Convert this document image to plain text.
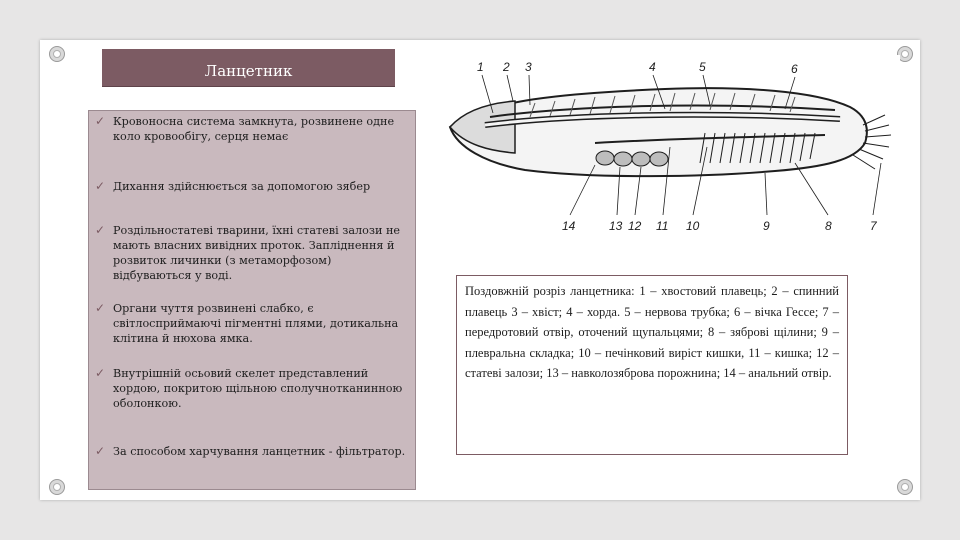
Ланцетник
✓ Кровоносна система замкнута, розвинене одне коло кровообігу, серця немає
✓ Дихання здійснюється за допомогою зябер
✓ Роздільностатеві тварини, їхні статеві залози не мають власних вивідних проток. Запліднення й розвиток личинки (з метаморфозом) відбуваються у воді.
✓ Органи чуття розвинені слабко, є світлосприймаючі пігментні плями, дотикальна клітина й нюхова ямка.
✓ Внутрішній осьовий скелет представлений хордою, покритою щільною сполучнотканинною оболонкою.
✓ За способом харчування ланцетник - фільтратор.
1 2 3	4	5	6
14	13 12 11 10	9	8	7
Поздовжній розріз ланцетника: 1 – хвостовий плавець; 2 – спинний плавець 3 – хвіст; 4 – хорда. 5 – нервова трубка; 6 – вічка Гессе; 7 – передротовий отвір, оточений щупальцями; 8 – зяброві щілини; 9 – плевральна складка; 10 – печінковий виріст кишки, 11 – кишка; 12 – статеві залози; 13 – навколозяброва порожнина; 14 – анальний отвір.
